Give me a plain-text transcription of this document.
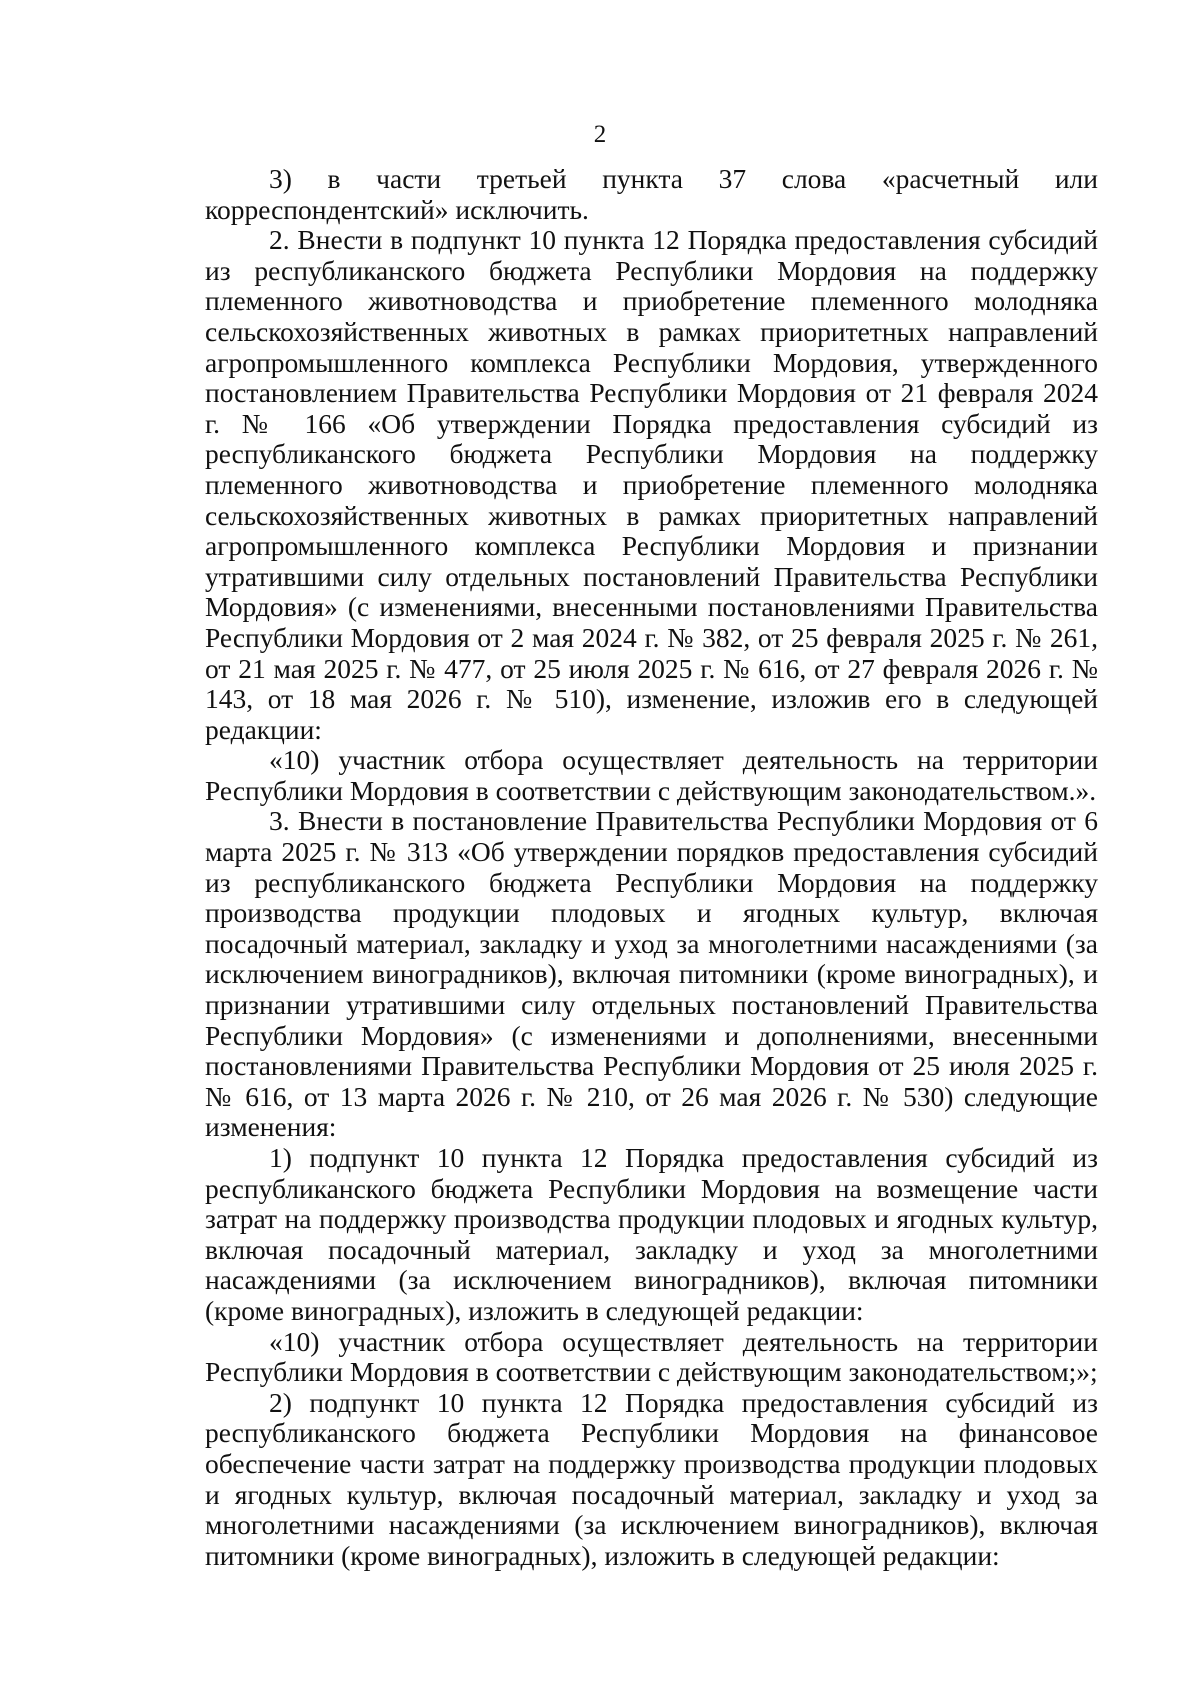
2

3) в части третьей пункта 37 слова «расчетный или корреспондентский» исключить.

2. Внести в подпункт 10 пункта 12 Порядка предоставления субсидий из республиканского бюджета Республики Мордовия на поддержку племенного животноводства и приобретение племенного молодняка сельскохозяйственных животных в рамках приоритетных направлений агропромышленного комплекса Республики Мордовия, утвержденного постановлением Правительства Республики Мордовия от 21 февраля 2024 г. № 166 «Об утверждении Порядка предоставления субсидий из республиканского бюджета Республики Мордовия на поддержку племенного животноводства и приобретение племенного молодняка сельскохозяйственных животных в рамках приоритетных направлений агропромышленного комплекса Республики Мордовия и признании утратившими силу отдельных постановлений Правительства Республики Мордовия» (с изменениями, внесенными постановлениями Правительства Республики Мордовия от 2 мая 2024 г. № 382, от 25 февраля 2025 г. № 261, от 21 мая 2025 г. № 477, от 25 июля 2025 г. № 616, от 27 февраля 2026 г. № 143, от 18 мая 2026 г. № 510), изменение, изложив его в следующей редакции:

«10) участник отбора осуществляет деятельность на территории Республики Мордовия в соответствии с действующим законодательством.».

3. Внести в постановление Правительства Республики Мордовия от 6 марта 2025 г. № 313 «Об утверждении порядков предоставления субсидий из республиканского бюджета Республики Мордовия на поддержку производства продукции плодовых и ягодных культур, включая посадочный материал, закладку и уход за многолетними насаждениями (за исключением виноградников), включая питомники (кроме виноградных), и признании утратившими силу отдельных постановлений Правительства Республики Мордовия» (с изменениями и дополнениями, внесенными постановлениями Правительства Республики Мордовия от 25 июля 2025 г. № 616, от 13 марта 2026 г. № 210, от 26 мая 2026 г. № 530) следующие изменения:

1) подпункт 10 пункта 12 Порядка предоставления субсидий из республиканского бюджета Республики Мордовия на возмещение части затрат на поддержку производства продукции плодовых и ягодных культур, включая посадочный материал, закладку и уход за многолетними насаждениями (за исключением виноградников), включая питомники (кроме виноградных), изложить в следующей редакции:

«10) участник отбора осуществляет деятельность на территории Республики Мордовия в соответствии с действующим законодательством;»;

2) подпункт 10 пункта 12 Порядка предоставления субсидий из республиканского бюджета Республики Мордовия на финансовое обеспечение части затрат на поддержку производства продукции плодовых и ягодных культур, включая посадочный материал, закладку и уход за многолетними насаждениями (за исключением виноградников), включая питомники (кроме виноградных), изложить в следующей редакции:
